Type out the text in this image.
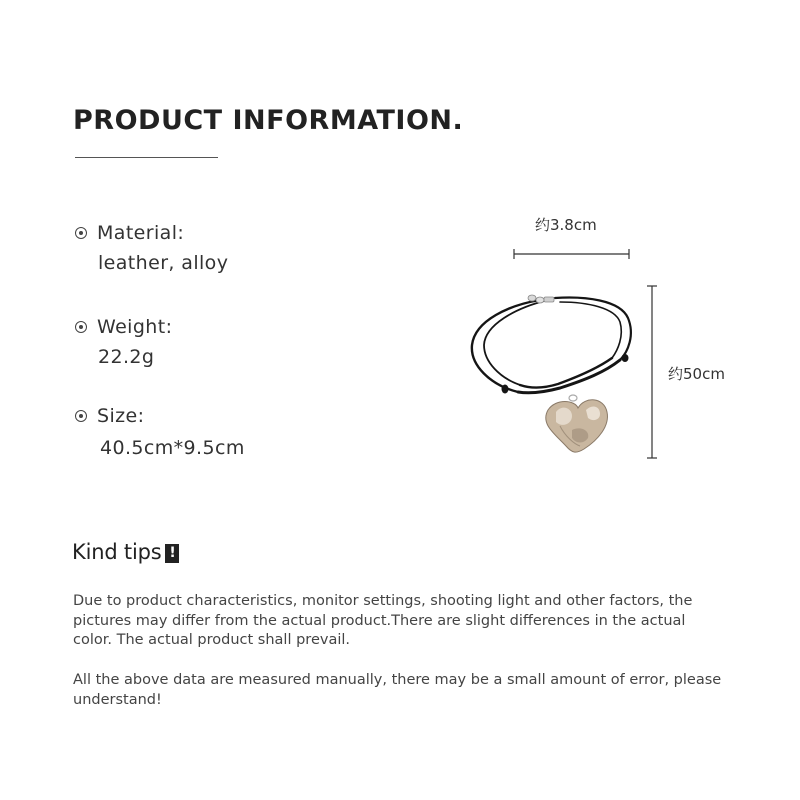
PRODUCT INFORMATION.
Material:
leather, alloy
Weight:
22.2g
Size:
40.5cm*9.5cm
约3.8cm
约50cm
Kind tips !
Due to product characteristics, monitor settings, shooting light and other factors, the pictures may differ from the actual product.There are slight differences in the actual color. The actual product shall prevail.
All the above data are measured manually, there may be a small amount of error, please understand!
